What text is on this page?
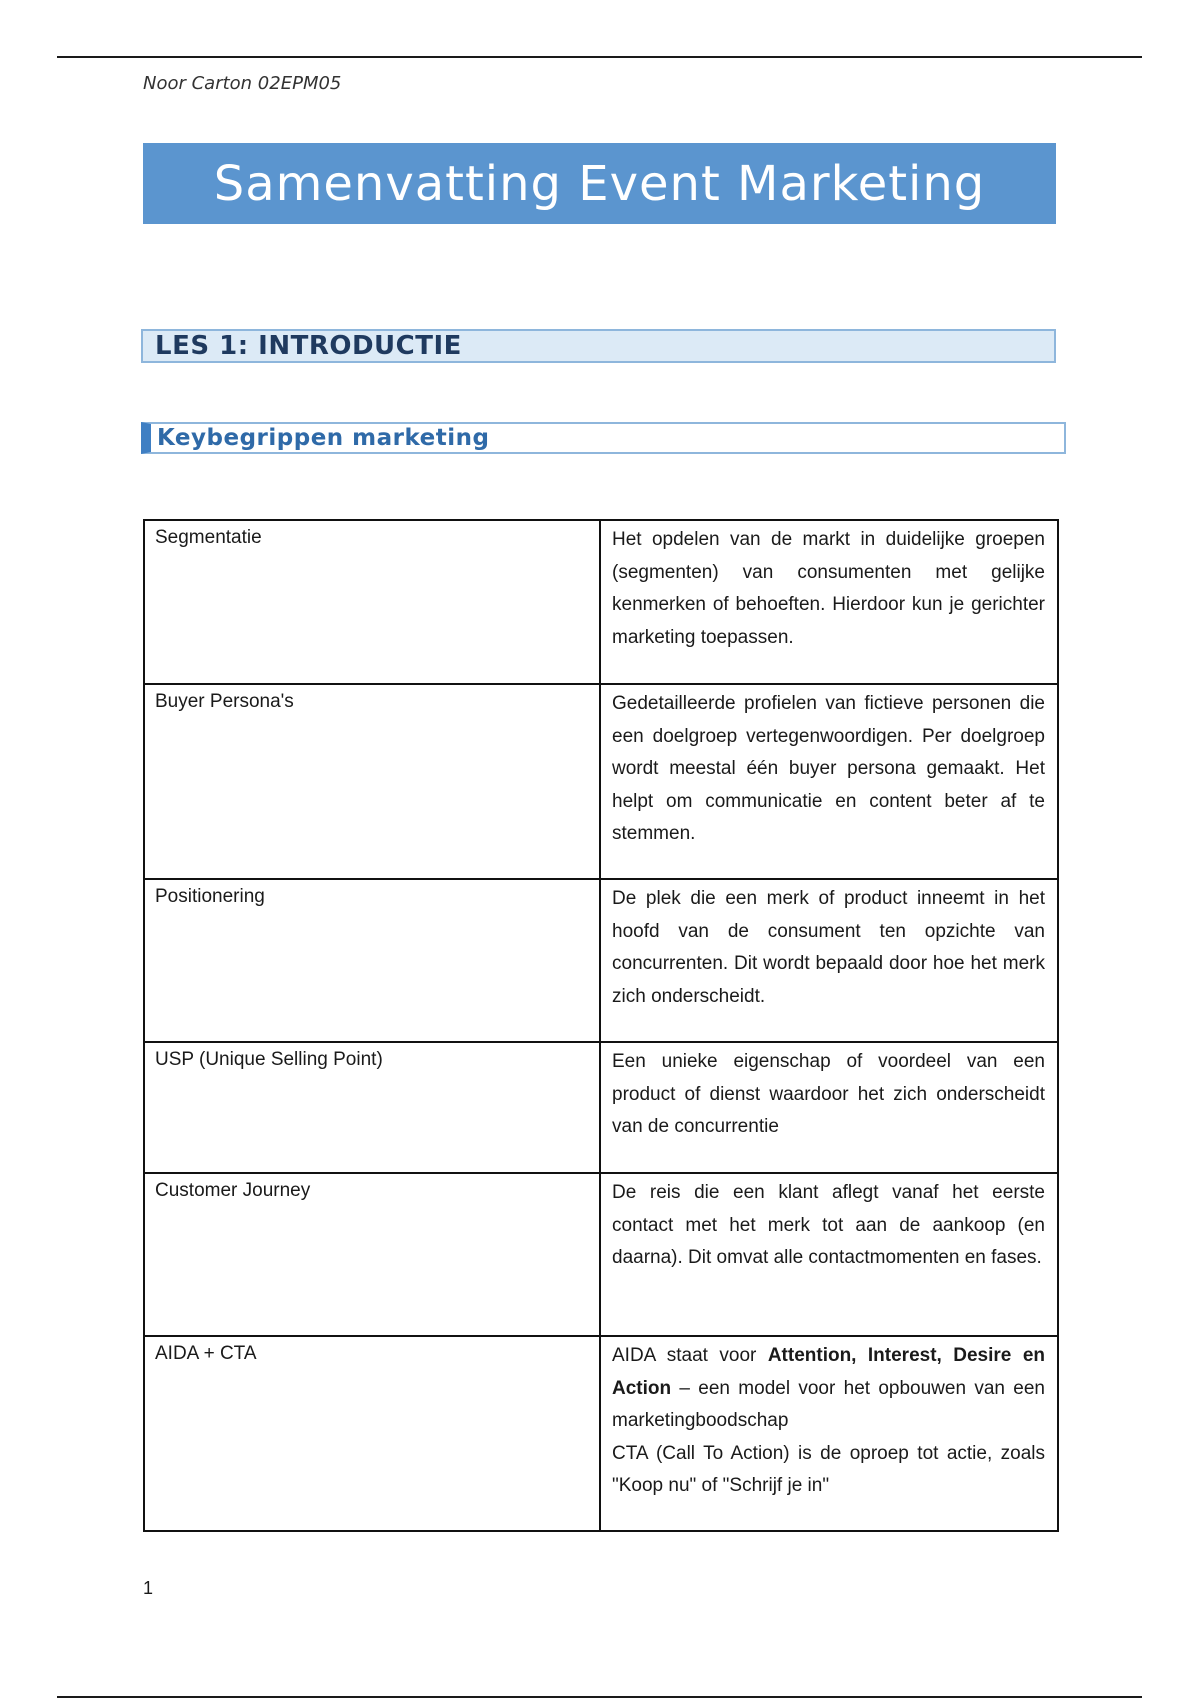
Noor Carton 02EPM05
Samenvatting Event Marketing
LES 1: INTRODUCTIE
Keybegrippen marketing
Segmentatie	Het opdelen van de markt in duidelijke groepen (segmenten) van consumenten met gelijke kenmerken of behoeften. Hierdoor kun je gerichter marketing toepassen.

Buyer Persona's	Gedetailleerde profielen van fictieve personen die een doelgroep vertegenwoordigen. Per doelgroep wordt meestal één buyer persona gemaakt. Het helpt om communicatie en content beter af te stemmen.

Positionering	De plek die een merk of product inneemt in het hoofd van de consument ten opzichte van concurrenten. Dit wordt bepaald door hoe het merk zich onderscheidt.

USP (Unique Selling Point)	Een unieke eigenschap of voordeel van een product of dienst waardoor het zich onderscheidt van de concurrentie

Customer Journey	De reis die een klant aflegt vanaf het eerste contact met het merk tot aan de aankoop (en daarna). Dit omvat alle contactmomenten en fases.

AIDA + CTA	AIDA staat voor Attention, Interest, Desire en Action – een model voor het opbouwen van een marketingboodschap

CTA (Call To Action) is de oproep tot actie, zoals "Koop nu" of "Schrijf je in"

1
